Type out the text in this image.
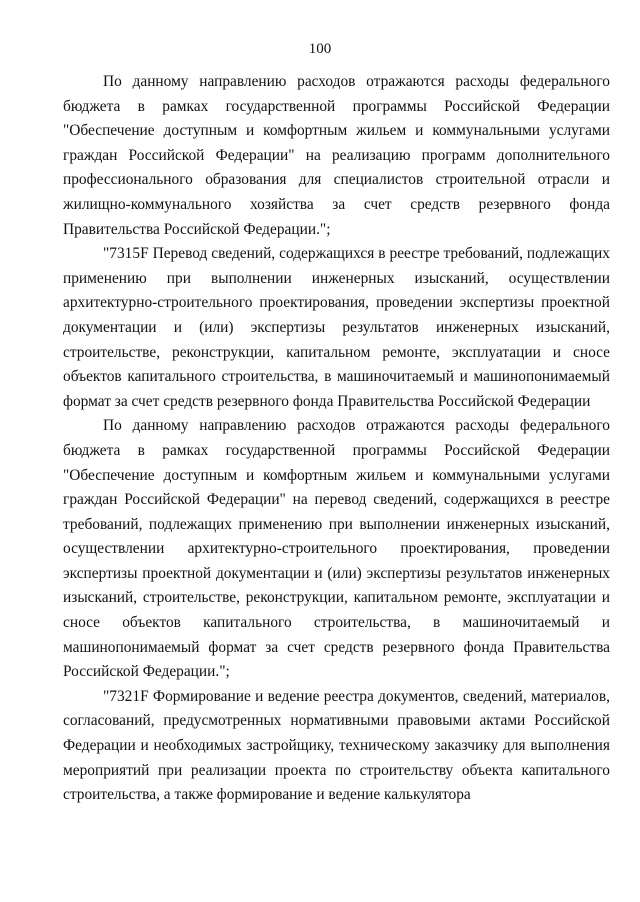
100

По данному направлению расходов отражаются расходы федерального бюджета в рамках государственной программы Российской Федерации "Обеспечение доступным и комфортным жильем и коммунальными услугами граждан Российской Федерации" на реализацию программ дополнительного профессионального образования для специалистов строительной отрасли и жилищно-коммунального хозяйства за счет средств резервного фонда Правительства Российской Федерации.";

"7315F Перевод сведений, содержащихся в реестре требований, подлежащих применению при выполнении инженерных изысканий, осуществлении архитектурно-строительного проектирования, проведении экспертизы проектной документации и (или) экспертизы результатов инженерных изысканий, строительстве, реконструкции, капитальном ремонте, эксплуатации и сносе объектов капитального строительства, в машиночитаемый и машинопонимаемый формат за счет средств резервного фонда Правительства Российской Федерации

По данному направлению расходов отражаются расходы федерального бюджета в рамках государственной программы Российской Федерации "Обеспечение доступным и комфортным жильем и коммунальными услугами граждан Российской Федерации" на перевод сведений, содержащихся в реестре требований, подлежащих применению при выполнении инженерных изысканий, осуществлении архитектурно-строительного проектирования, проведении экспертизы проектной документации и (или) экспертизы результатов инженерных изысканий, строительстве, реконструкции, капитальном ремонте, эксплуатации и сносе объектов капитального строительства, в машиночитаемый и машинопонимаемый формат за счет средств резервного фонда Правительства Российской Федерации.";

"7321F Формирование и ведение реестра документов, сведений, материалов, согласований, предусмотренных нормативными правовыми актами Российской Федерации и необходимых застройщику, техническому заказчику для выполнения мероприятий при реализации проекта по строительству объекта капитального строительства, а также формирование и ведение калькулятора
